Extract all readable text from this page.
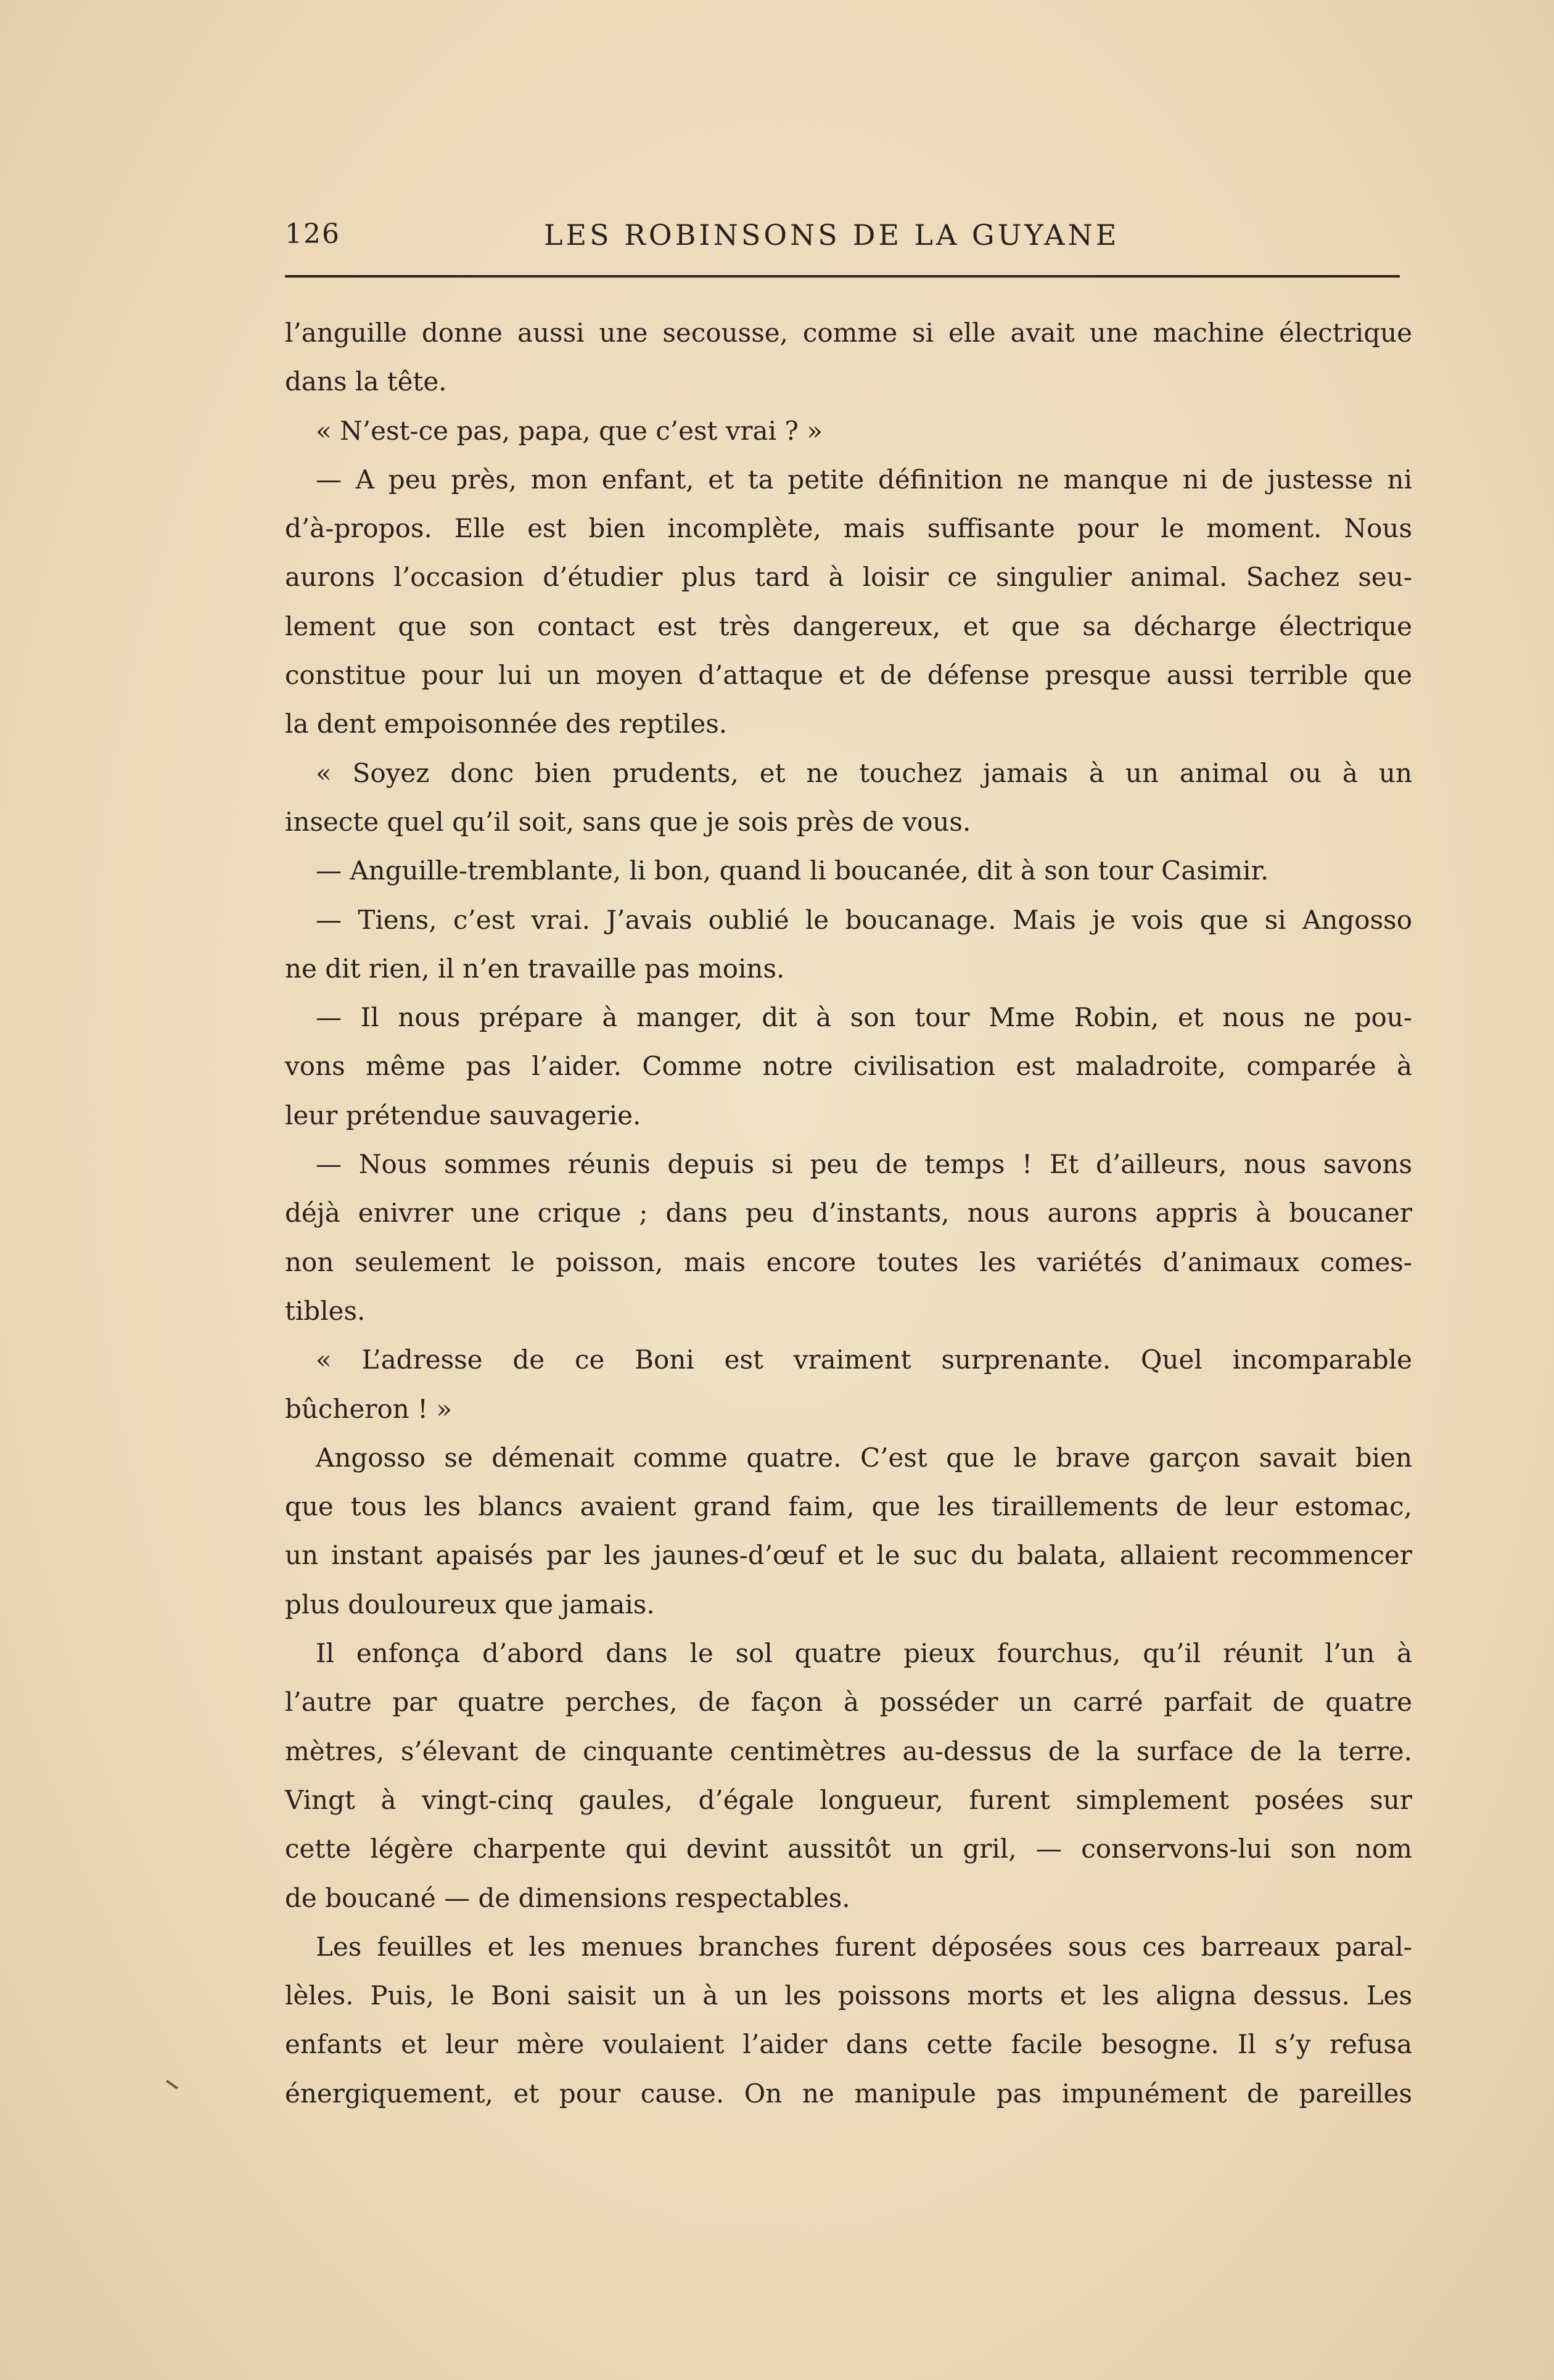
126	LES ROBINSONS DE LA GUYANE
l’anguille donne aussi une secousse, comme si elle avait une machine électrique
dans la tête.
« N’est-ce pas, papa, que c’est vrai ? »
— A peu près, mon enfant, et ta petite définition ne manque ni de justesse ni
d’à-propos. Elle est bien incomplète, mais suffisante pour le moment. Nous
aurons l’occasion d’étudier plus tard à loisir ce singulier animal. Sachez seu-
lement que son contact est très dangereux, et que sa décharge électrique
constitue pour lui un moyen d’attaque et de défense presque aussi terrible que
la dent empoisonnée des reptiles.
« Soyez donc bien prudents, et ne touchez jamais à un animal ou à un
insecte quel qu’il soit, sans que je sois près de vous.
— Anguille-tremblante, li bon, quand li boucanée, dit à son tour Casimir.
— Tiens, c’est vrai. J’avais oublié le boucanage. Mais je vois que si Angosso
ne dit rien, il n’en travaille pas moins.
— Il nous prépare à manger, dit à son tour Mme Robin, et nous ne pou-
vons même pas l’aider. Comme notre civilisation est maladroite, comparée à
leur prétendue sauvagerie.
— Nous sommes réunis depuis si peu de temps ! Et d’ailleurs, nous savons
déjà enivrer une crique ; dans peu d’instants, nous aurons appris à boucaner
non seulement le poisson, mais encore toutes les variétés d’animaux comes-
tibles.
« L’adresse de ce Boni est vraiment surprenante. Quel incomparable
bûcheron ! »
Angosso se démenait comme quatre. C’est que le brave garçon savait bien
que tous les blancs avaient grand faim, que les tiraillements de leur estomac,
un instant apaisés par les jaunes-d’œuf et le suc du balata, allaient recommencer
plus douloureux que jamais.
Il enfonça d’abord dans le sol quatre pieux fourchus, qu’il réunit l’un à
l’autre par quatre perches, de façon à posséder un carré parfait de quatre
mètres, s’élevant de cinquante centimètres au-dessus de la surface de la terre.
Vingt à vingt-cinq gaules, d’égale longueur, furent simplement posées sur
cette légère charpente qui devint aussitôt un gril, — conservons-lui son nom
de boucané — de dimensions respectables.
Les feuilles et les menues branches furent déposées sous ces barreaux paral-
lèles. Puis, le Boni saisit un à un les poissons morts et les aligna dessus. Les
enfants et leur mère voulaient l’aider dans cette facile besogne. Il s’y refusa
énergiquement, et pour cause. On ne manipule pas impunément de pareilles
